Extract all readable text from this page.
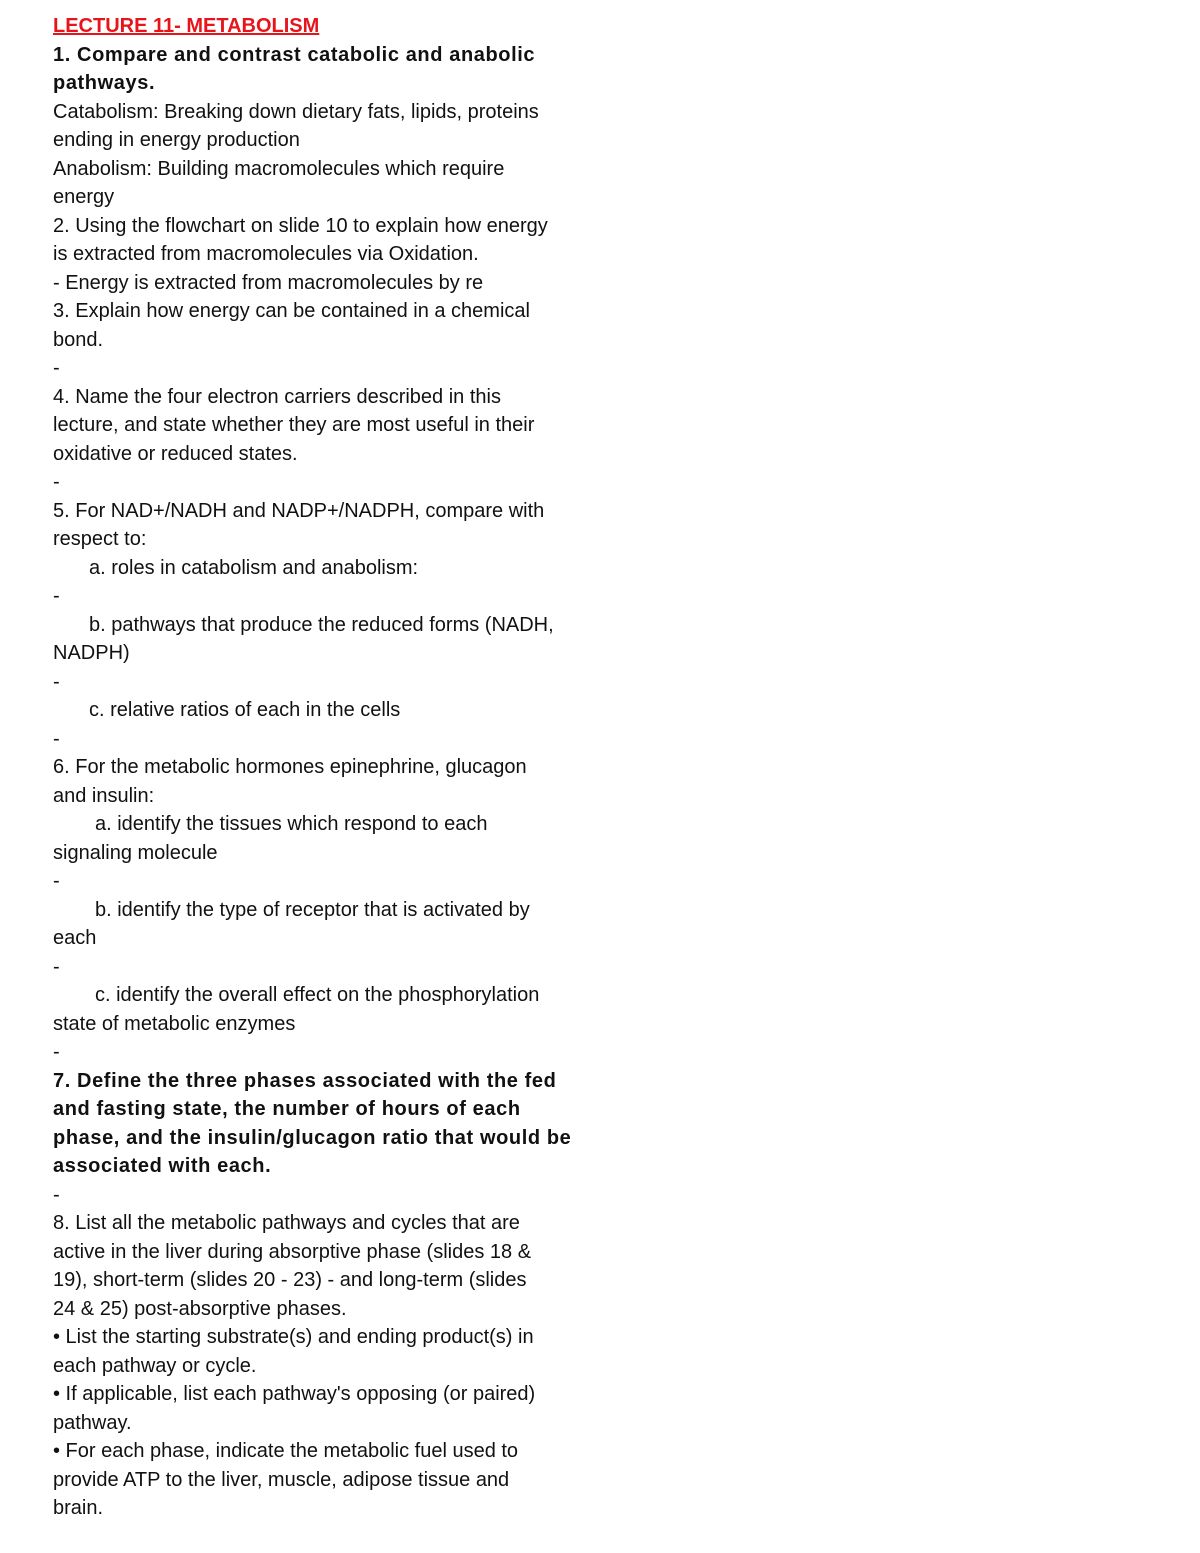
LECTURE 11- METABOLISM
1. Compare and contrast catabolic and anabolic
pathways.
Catabolism: Breaking down dietary fats, lipids, proteins
ending in energy production
Anabolism: Building macromolecules which require
energy
2. Using the flowchart on slide 10 to explain how energy
is extracted from macromolecules via Oxidation.
- Energy is extracted from macromolecules by re
3. Explain how energy can be contained in a chemical
bond.
-
4. Name the four electron carriers described in this
lecture, and state whether they are most useful in their
oxidative or reduced states.
-
5. For NAD+/NADH and NADP+/NADPH, compare with
respect to:
a. roles in catabolism and anabolism:
-
b. pathways that produce the reduced forms (NADH,
NADPH)
-
c. relative ratios of each in the cells
-
6. For the metabolic hormones epinephrine, glucagon
and insulin:
a. identify the tissues which respond to each
signaling molecule
-
b. identify the type of receptor that is activated by
each
-
c. identify the overall effect on the phosphorylation
state of metabolic enzymes
-
7. Define the three phases associated with the fed
and fasting state, the number of hours of each
phase, and the insulin/glucagon ratio that would be
associated with each.
-
8. List all the metabolic pathways and cycles that are
active in the liver during absorptive phase (slides 18 &
19), short-term (slides 20 - 23) - and long-term (slides
24 & 25) post-absorptive phases.
• List the starting substrate(s) and ending product(s) in
each pathway or cycle.
• If applicable, list each pathway's opposing (or paired)
pathway.
• For each phase, indicate the metabolic fuel used to
provide ATP to the liver, muscle, adipose tissue and
brain.
